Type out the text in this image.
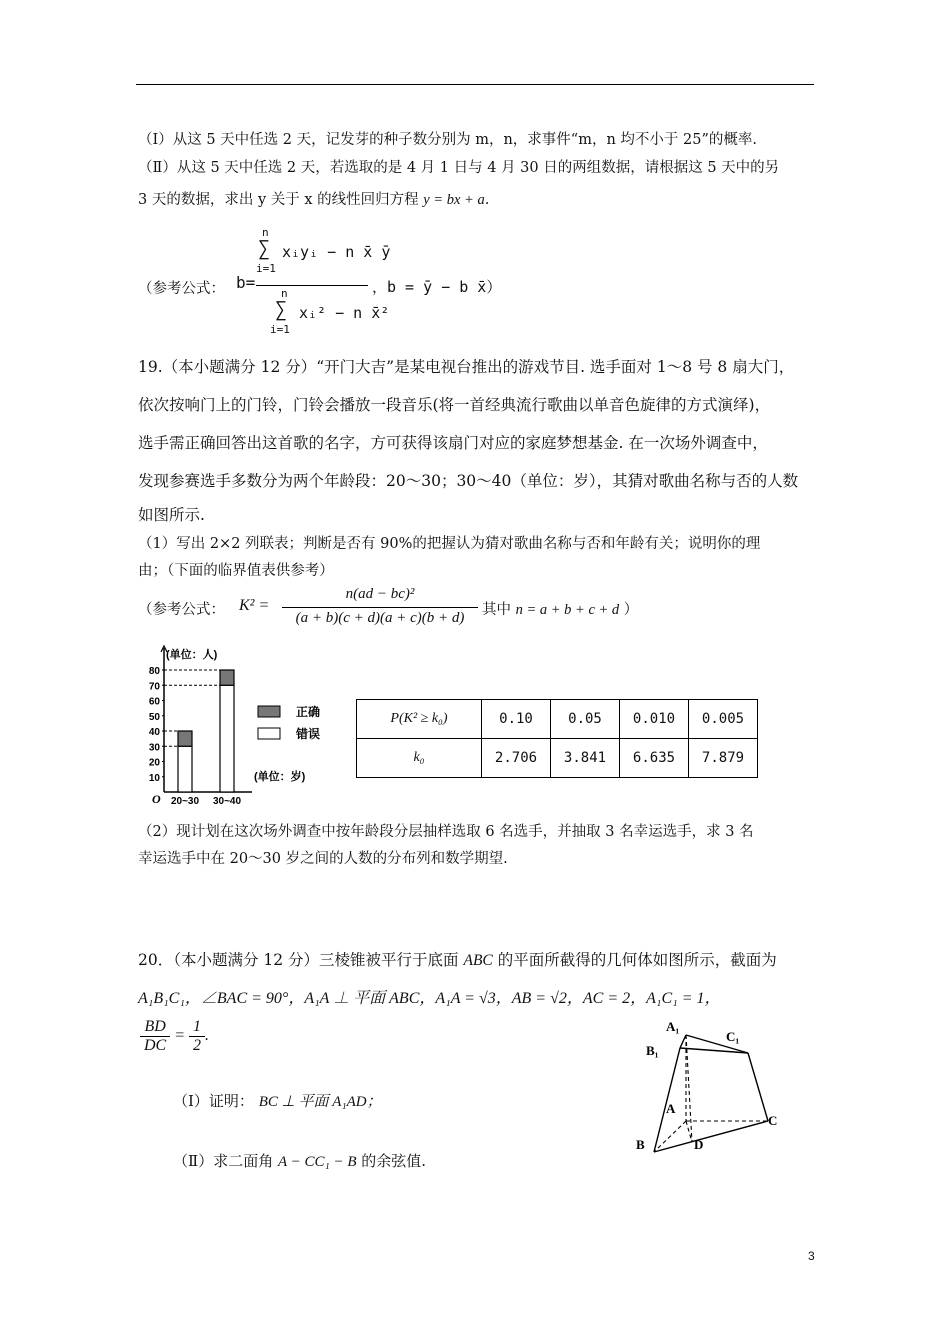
（Ⅰ）从这 5 天中任选 2 天，记发芽的种子数分别为 m，n，求事件“m，n 均不小于 25”的概率.
（Ⅱ）从这 5 天中任选 2 天，若选取的是 4 月 1 日与 4 月 30 日的两组数据，请根据这 5 天中的另
3 天的数据，求出 y 关于 x 的线性回归方程 y = bx + a.
（参考公式： b=
n
∑
i=1
xᵢyᵢ − n x̄ ȳ
n
∑
i=1
xᵢ² − n x̄²
，b = ȳ − b x̄）
19.（本小题满分 12 分）“开门大吉”是某电视台推出的游戏节目. 选手面对 1～8 号 8 扇大门，
依次按响门上的门铃，门铃会播放一段音乐(将一首经典流行歌曲以单音色旋律的方式演绎)，
选手需正确回答出这首歌的名字，方可获得该扇门对应的家庭梦想基金. 在一次场外调查中，
发现参赛选手多数分为两个年龄段：20～30；30～40（单位：岁），其猜对歌曲名称与否的人数
如图所示.
（1）写出 2×2 列联表；判断是否有 90%的把握认为猜对歌曲名称与否和年龄有关；说明你的理
由；（下面的临界值表供参考）
（参考公式： K² =
n(ad − bc)²
(a + b)(c + d)(a + c)(b + d)	其中 n = a + b + c + d ）
(单位：人)
(单位：岁)
O
10
20
30
40
50
60
70
80
20~30 30~40
正确
错误
P(K² ≥ k₀)	0.10	0.05	0.010	0.005
k₀	2.706	3.841	6.635	7.879
（2）现计划在这次场外调查中按年龄段分层抽样选取 6 名选手，并抽取 3 名幸运选手，求 3 名
幸运选手中在 20～30 岁之间的人数的分布列和数学期望.
20．（本小题满分 12 分）三棱锥被平行于底面 ABC 的平面所截得的几何体如图所示，截面为
A₁B₁C₁，∠BAC = 90°，A₁A ⊥ 平面 ABC，A₁A = √3，AB = √2，AC = 2，A₁C₁ = 1，
$\frac{BD}{DC} = \frac{1}{2}$ .
（Ⅰ）证明： BC ⊥ 平面 A₁AD；
（Ⅱ）求二面角 A − CC₁ − B 的余弦值.
A₁
C₁
B₁
A
C
B	D
3
